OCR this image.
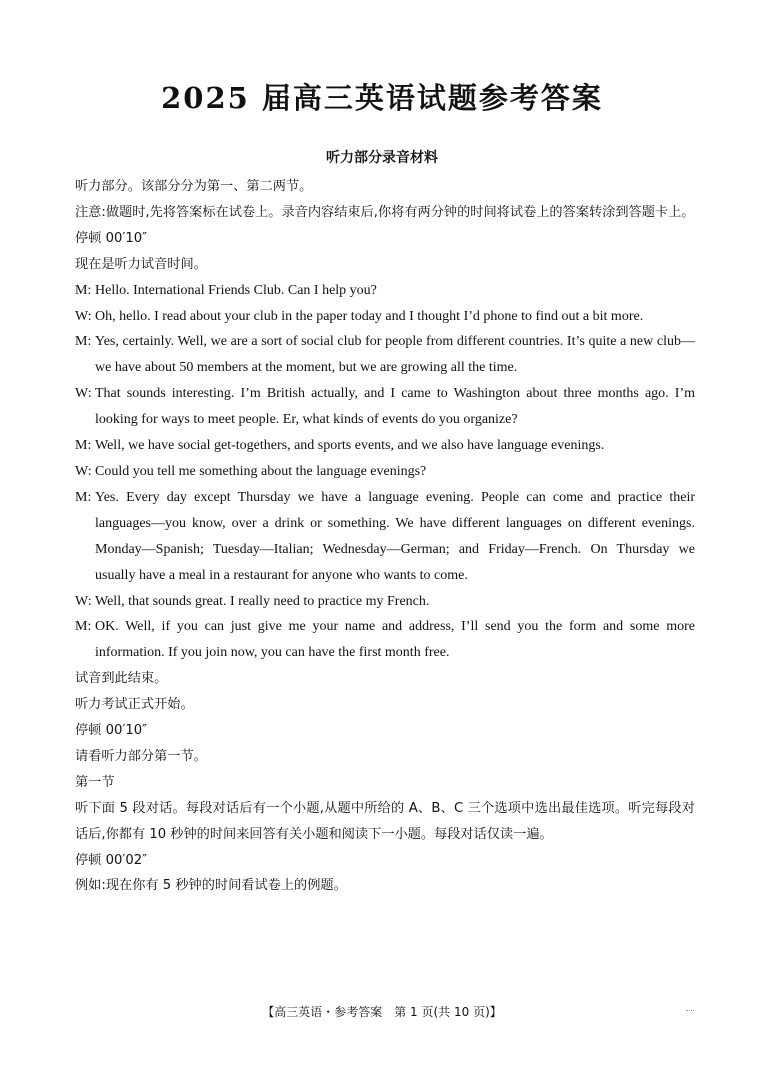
2025 届高三英语试题参考答案
听力部分录音材料

听力部分。该部分分为第一、第二两节。

注意:做题时,先将答案标在试卷上。录音内容结束后,你将有两分钟的时间将试卷上的答案转涂到答题卡上。

停顿 00′10″

现在是听力试音时间。

M: Hello. International Friends Club. Can I help you?

W: Oh, hello. I read about your club in the paper today and I thought I’d phone to find out a bit more.

M: Yes, certainly. Well, we are a sort of social club for people from different countries. It’s quite a new club—we have about 50 members at the moment, but we are growing all the time.

W: That sounds interesting. I’m British actually, and I came to Washington about three months ago. I’m looking for ways to meet people. Er, what kinds of events do you organize?

M: Well, we have social get-togethers, and sports events, and we also have language evenings.

W: Could you tell me something about the language evenings?

M: Yes. Every day except Thursday we have a language evening. People can come and practice their languages—you know, over a drink or something. We have different languages on different evenings. Monday—Spanish; Tuesday—Italian; Wednesday—German; and Friday—French. On Thursday we usually have a meal in a restaurant for anyone who wants to come.

W: Well, that sounds great. I really need to practice my French.

M: OK. Well, if you can just give me your name and address, I’ll send you the form and some more information. If you join now, you can have the first month free.

试音到此结束。

听力考试正式开始。

停顿 00′10″

请看听力部分第一节。

第一节

听下面 5 段对话。每段对话后有一个小题,从题中所给的 A、B、C 三个选项中选出最佳选项。听完每段对话后,你都有 10 秒钟的时间来回答有关小题和阅读下一小题。每段对话仅读一遍。

停顿 00′02″

例如:现在你有 5 秒钟的时间看试卷上的例题。

【高三英语・参考答案　第 1 页(共 10 页)】
